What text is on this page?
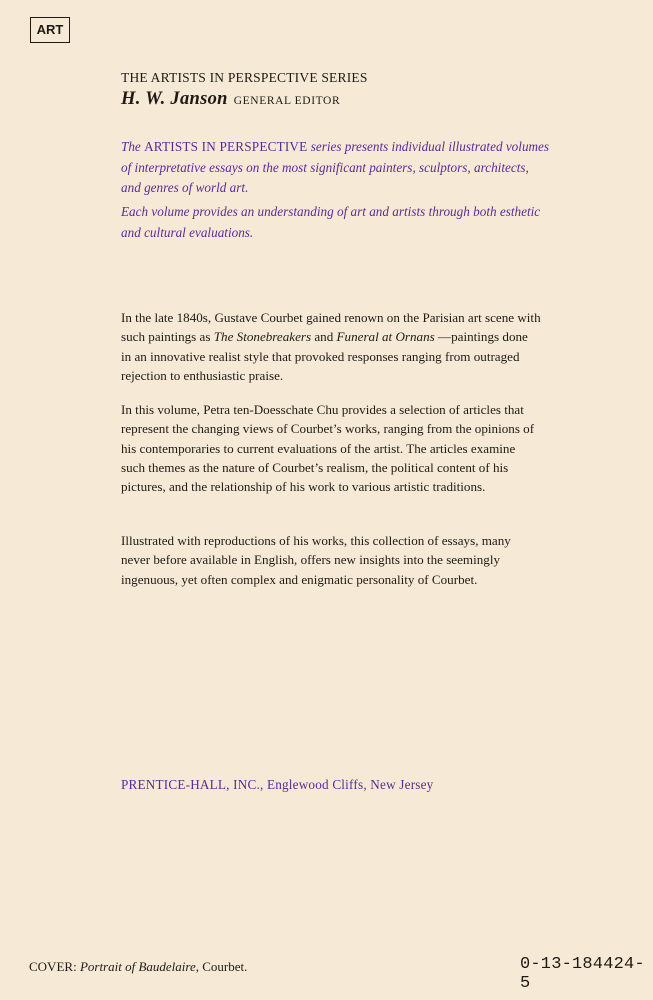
ART
THE ARTISTS IN PERSPECTIVE SERIES
H. W. Janson GENERAL EDITOR
The ARTISTS IN PERSPECTIVE series presents individual illustrated volumes of interpretative essays on the most significant painters, sculptors, architects, and genres of world art.
Each volume provides an understanding of art and artists through both esthetic and cultural evaluations.
In the late 1840s, Gustave Courbet gained renown on the Parisian art scene with such paintings as The Stonebreakers and Funeral at Ornans —paintings done in an innovative realist style that provoked responses ranging from outraged rejection to enthusiastic praise.
In this volume, Petra ten-Doesschate Chu provides a selection of articles that represent the changing views of Courbet’s works, ranging from the opinions of his contemporaries to current evaluations of the artist. The articles examine such themes as the nature of Courbet’s realism, the political content of his pictures, and the relationship of his work to various artistic traditions.
Illustrated with reproductions of his works, this collection of essays, many never before available in English, offers new insights into the seemingly ingenuous, yet often complex and enigmatic personality of Courbet.
PRENTICE-HALL, INC., Englewood Cliffs, New Jersey
COVER: Portrait of Baudelaire, Courbet.	0-13-184424-5
